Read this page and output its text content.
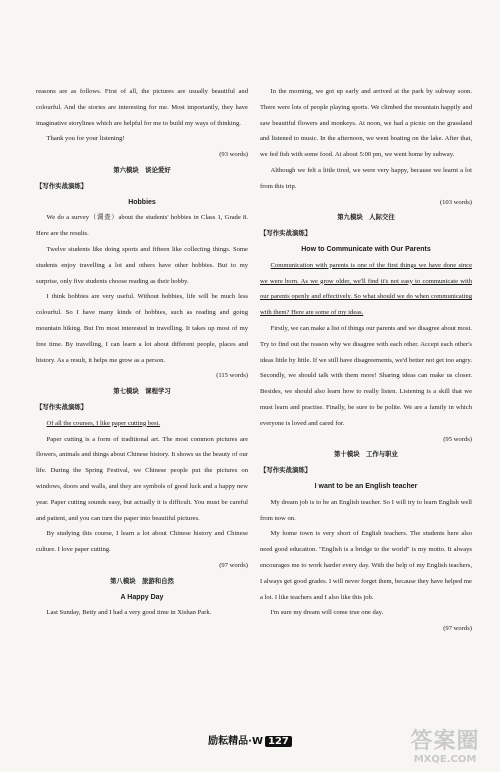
reasons are as follows. First of all, the pictures are usually beautiful and colourful. And the stories are interesting for me. Most importantly, they have imaginative storylines which are helpful for me to build my ways of thinking.

Thank you for your listening!

(93 words)

第六模块　谈论爱好

【写作实战演练】

Hobbies

We do a survey（调查）about the students' hobbies in Class 1, Grade 8. Here are the results.

Twelve students like doing sports and fifteen like collecting things. Some students enjoy travelling a lot and others have other hobbies. But to my surprise, only five students choose reading as their hobby.

I think hobbies are very useful. Without hobbies, life will be much less colourful. So I have many kinds of hobbies, such as reading and going mountain hiking. But I'm most interested in travelling. It takes up most of my free time. By travelling, I can learn a lot about different people, places and history. As a result, it helps me grow as a person.

(115 words)

第七模块　课程学习

【写作实战演练】

Of all the courses, I like paper cutting best.

Paper cutting is a form of traditional art. The most common pictures are flowers, animals and things about Chinese history. It shows us the beauty of our life. During the Spring Festival, we Chinese people put the pictures on windows, doors and walls, and they are symbols of good luck and a happy new year. Paper cutting sounds easy, but actually it is difficult. You must be careful and patient, and you can turn the paper into beautiful pictures.

By studying this course, I learn a lot about Chinese history and Chinese culture. I love paper cutting.

(97 words)

第八模块　旅游和自然

A Happy Day

Last Sunday, Betty and I had a very good time in Xishan Park.

In the morning, we got up early and arrived at the park by subway soon. There were lots of people playing sports. We climbed the mountain happily and saw beautiful flowers and monkeys. At noon, we had a picnic on the grassland and listened to music. In the afternoon, we went boating on the lake. After that, we fed fish with some food. At about 5:00 pm, we went home by subway.

Although we felt a little tired, we were very happy, because we learnt a lot from this trip.

(103 words)

第九模块　人际交往

【写作实战演练】

How to Communicate with Our Parents

Communication with parents is one of the first things we have done since we were born. As we grow older, we'll find it's not easy to communicate with our parents openly and effectively. So what should we do when communicating with them? Here are some of my ideas.

Firstly, we can make a list of things our parents and we disagree about most. Try to find out the reason why we disagree with each other. Accept each other's ideas little by little. If we still have disagreements, we'd better not get too angry. Secondly, we should talk with them more! Sharing ideas can make us closer. Besides, we should also learn how to really listen. Listening is a skill that we must learn and practise. Finally, be sure to be polite. We are a family in which everyone is loved and cared for.

(95 words)

第十模块　工作与职业

【写作实战演练】

I want to be an English teacher

My dream job is to be an English teacher. So I will try to learn English well from now on.

My home town is very short of English teachers. The students here also need good education. "English is a bridge to the world" is my motto. It always encourages me to work harder every day. With the help of my English teachers, I always get good grades. I will never forget them, because they have helped me a lot. I like teachers and I also like this job.

I'm sure my dream will come true one day.

(97 words)

励耘精品·W 127	答案圈
MXQE.COM
